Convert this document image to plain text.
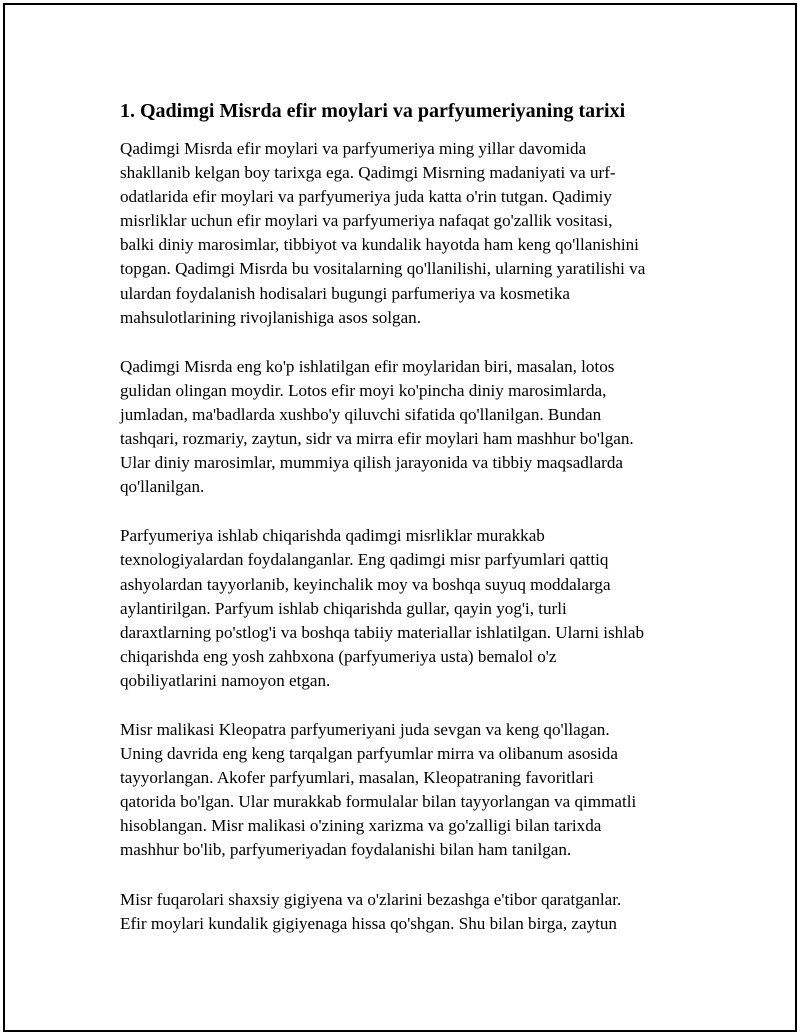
1. Qadimgi Misrda efir moylari va parfyumeriyaning tarixi

Qadimgi Misrda efir moylari va parfyumeriya ming yillar davomida
shakllanib kelgan boy tarixga ega. Qadimgi Misrning madaniyati va urf-
odatlarida efir moylari va parfyumeriya juda katta o'rin tutgan. Qadimiy
misrliklar uchun efir moylari va parfyumeriya nafaqat go'zallik vositasi,
balki diniy marosimlar, tibbiyot va kundalik hayotda ham keng qo'llanishini
topgan. Qadimgi Misrda bu vositalarning qo'llanilishi, ularning yaratilishi va
ulardan foydalanish hodisalari bugungi parfumeriya va kosmetika
mahsulotlarining rivojlanishiga asos solgan.

Qadimgi Misrda eng ko'p ishlatilgan efir moylaridan biri, masalan, lotos
gulidan olingan moydir. Lotos efir moyi ko'pincha diniy marosimlarda,
jumladan, ma'badlarda xushbo'y qiluvchi sifatida qo'llanilgan. Bundan
tashqari, rozmariy, zaytun, sidr va mirra efir moylari ham mashhur bo'lgan.
Ular diniy marosimlar, mummiya qilish jarayonida va tibbiy maqsadlarda
qo'llanilgan.

Parfyumeriya ishlab chiqarishda qadimgi misrliklar murakkab
texnologiyalardan foydalanganlar. Eng qadimgi misr parfyumlari qattiq
ashyolardan tayyorlanib, keyinchalik moy va boshqa suyuq moddalarga
aylantirilgan. Parfyum ishlab chiqarishda gullar, qayin yog'i, turli
daraxtlarning po'stlog'i va boshqa tabiiy materiallar ishlatilgan. Ularni ishlab
chiqarishda eng yosh zahbxona (parfyumeriya usta) bemalol o'z
qobiliyatlarini namoyon etgan.

Misr malikasi Kleopatra parfyumeriyani juda sevgan va keng qo'llagan.
Uning davrida eng keng tarqalgan parfyumlar mirra va olibanum asosida
tayyorlangan. Akofer parfyumlari, masalan, Kleopatraning favoritlari
qatorida bo'lgan. Ular murakkab formulalar bilan tayyorlangan va qimmatli
hisoblangan. Misr malikasi o'zining xarizma va go'zalligi bilan tarixda
mashhur bo'lib, parfyumeriyadan foydalanishi bilan ham tanilgan.

Misr fuqarolari shaxsiy gigiyena va o'zlarini bezashga e'tibor qaratganlar.
Efir moylari kundalik gigiyenaga hissa qo'shgan. Shu bilan birga, zaytun
